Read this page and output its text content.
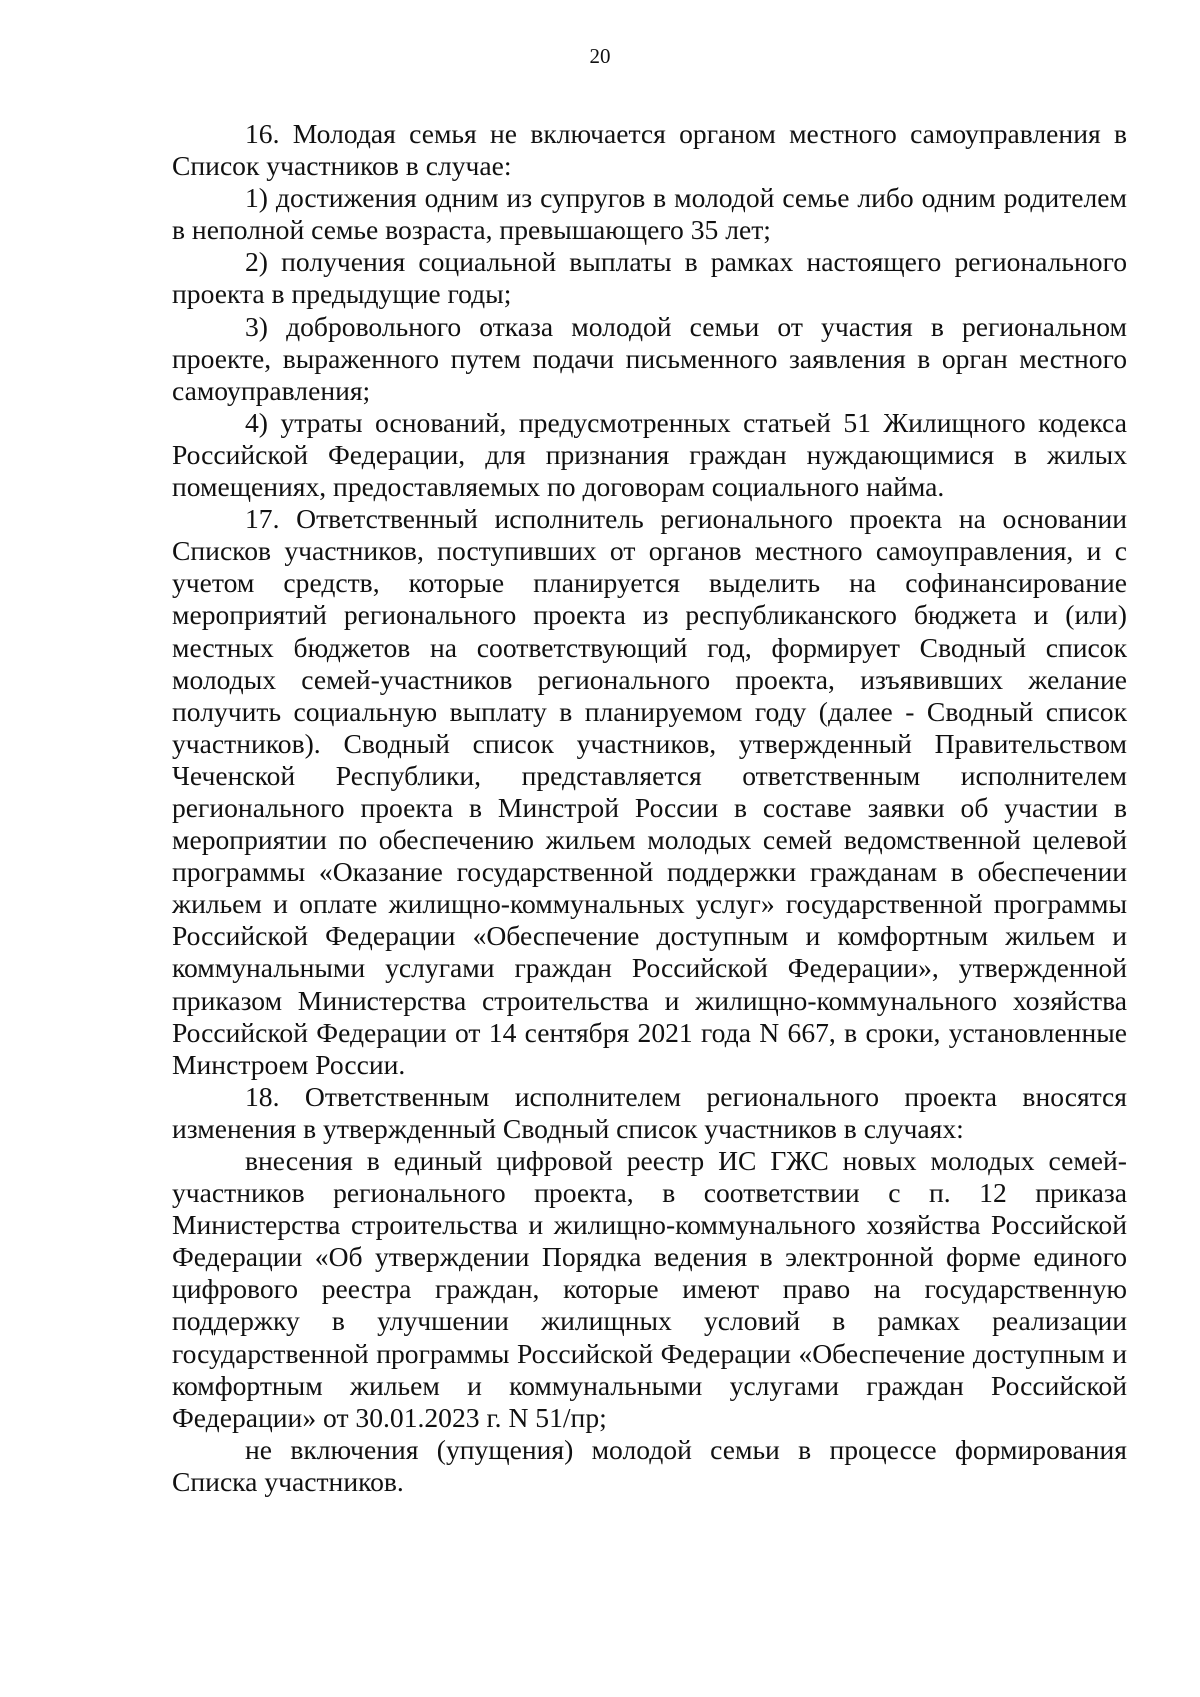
20

16. Молодая семья не включается органом местного самоуправления в Список участников в случае:

1) достижения одним из супругов в молодой семье либо одним родителем в неполной семье возраста, превышающего 35 лет;

2) получения социальной выплаты в рамках настоящего регионального проекта в предыдущие годы;

3) добровольного отказа молодой семьи от участия в региональном проекте, выраженного путем подачи письменного заявления в орган местного самоуправления;

4) утраты оснований, предусмотренных статьей 51 Жилищного кодекса Российской Федерации, для признания граждан нуждающимися в жилых помещениях, предоставляемых по договорам социального найма.

17. Ответственный исполнитель регионального проекта на основании Списков участников, поступивших от органов местного самоуправления, и с учетом средств, которые планируется выделить на софинансирование мероприятий регионального проекта из республиканского бюджета и (или) местных бюджетов на соответствующий год, формирует Сводный список молодых семей-участников регионального проекта, изъявивших желание получить социальную выплату в планируемом году (далее - Сводный список участников). Сводный список участников, утвержденный Правительством Чеченской Республики, представляется ответственным исполнителем регионального проекта в Минстрой России в составе заявки об участии в мероприятии по обеспечению жильем молодых семей ведомственной целевой программы «Оказание государственной поддержки гражданам в обеспечении жильем и оплате жилищно-коммунальных услуг» государственной программы Российской Федерации «Обеспечение доступным и комфортным жильем и коммунальными услугами граждан Российской Федерации», утвержденной приказом Министерства строительства и жилищно-коммунального хозяйства Российской Федерации от 14 сентября 2021 года N 667, в сроки, установленные Минстроем России.

18. Ответственным исполнителем регионального проекта вносятся изменения в утвержденный Сводный список участников в случаях:

внесения в единый цифровой реестр ИС ГЖС новых молодых семей-участников регионального проекта, в соответствии с п. 12 приказа Министерства строительства и жилищно-коммунального хозяйства Российской Федерации «Об утверждении Порядка ведения в электронной форме единого цифрового реестра граждан, которые имеют право на государственную поддержку в улучшении жилищных условий в рамках реализации государственной программы Российской Федерации «Обеспечение доступным и комфортным жильем и коммунальными услугами граждан Российской Федерации» от 30.01.2023 г. N 51/пр;

не включения (упущения) молодой семьи в процессе формирования Списка участников.
